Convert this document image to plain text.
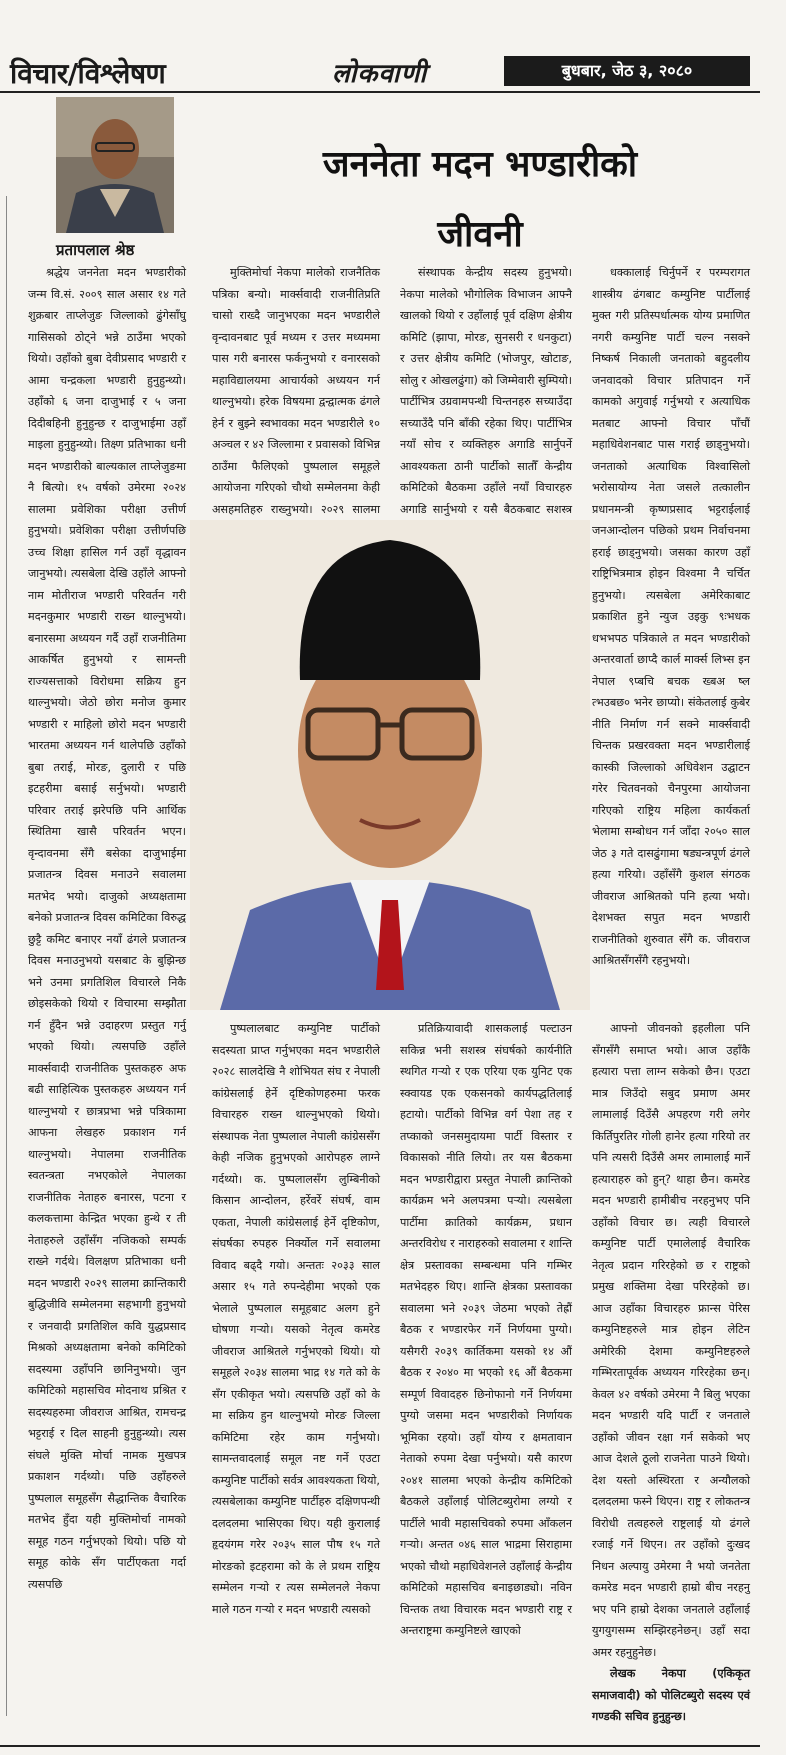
विचार/विश्लेषण	लोकवाणी	बुधबार, जेठ ३, २०८०
प्रतापलाल श्रेष्ठ
जननेता मदन भण्डारीको
जीवनी

श्रद्धेय जननेता मदन भण्डारीको जन्म वि.सं. २००९ साल असार १४ गते शुक्रबार ताप्लेजुङ जिल्लाको ढुंगेसाँघु गासिसको ठोट्ने भन्ने ठाउँमा भएको थियो। उहाँको बुबा देवीप्रसाद भण्डारी र आमा चन्द्रकला भण्डारी हुनुहुन्थ्यो। उहाँको ६ जना दाजुभाई र ५ जना दिदीबहिनी हुनुहुन्छ र दाजुभाईमा उहाँ माइला हुनुहुन्थ्यो। तिक्ष्ण प्रतिभाका धनी मदन भण्डारीको बाल्यकाल ताप्लेजुङमा नै बित्यो। १५ वर्षको उमेरमा २०२४ सालमा प्रवेशिका परीक्षा उत्तीर्ण हुनुभयो। प्रवेशिका परीक्षा उत्तीर्णपछि उच्च शिक्षा हासिल गर्न उहाँ वृद्धावन जानुभयो। त्यसबेला देखि उहाँले आफ्नो नाम मोतीराज भण्डारी परिवर्तन गरी मदनकुमार भण्डारी राख्न थाल्नुभयो। बनारसमा अध्ययन गर्दै उहाँ राजनीतिमा आकर्षित हुनुभयो र सामन्ती राज्यसत्ताको विरोधमा सक्रिय हुन थाल्नुभयो। जेठो छोरा मनोज कुमार भण्डारी र माहिलो छोरो मदन भण्डारी भारतमा अध्ययन गर्न थालेपछि उहाँको बुबा तराई, मोरङ, दुलारी र पछि इटहरीमा बसाई सर्नुभयो। भण्डारी परिवार तराई झरेपछि पनि आर्थिक स्थितिमा खासै परिवर्तन भएन। वृन्दावनमा सँगै बसेका दाजुभाईमा प्रजातन्त्र दिवस मनाउने सवालमा मतभेद भयो। दाजुको अध्यक्षतामा बनेको प्रजातन्त्र दिवस कमिटिका विरुद्ध छुट्टै कमिट बनाएर नयाँ ढंगले प्रजातन्त्र दिवस मनाउनुभयो यसबाट के बुझिन्छ भने उनमा प्रगतिशिल विचारले निकै छोइसकेको थियो र विचारमा सम्झौता गर्न हुँदैन भन्ने उदाहरण प्रस्तुत गर्नु भएको थियो। त्यसपछि उहाँले मार्क्सवादी राजनीतिक पुस्तकहरु अफ बढी साहित्यिक पुस्तकहरु अध्ययन गर्न थाल्नुभयो र छात्रप्रभा भन्ने पत्रिकामा आफना लेखहरु प्रकाशन गर्न थाल्नुभयो। नेपालमा राजनीतिक स्वतन्त्रता नभएकोले नेपालका राजनीतिक नेताहरु बनारस, पटना र कलकत्तामा केन्द्रित भएका हुन्थे र ती नेताहरुले उहाँसँग नजिकको सम्पर्क राख्ने गर्दथे। विलक्षण प्रतिभाका धनी मदन भण्डारी २०२९ सालमा क्रान्तिकारी बुद्धिजीवि सम्मेलनमा सहभागी हुनुभयो र जनवादी प्रगतिशिल कवि युद्धप्रसाद मिश्रको अध्यक्षतामा बनेको कमिटिको सदस्यमा उहाँपनि छानिनुभयो। जुन कमिटिको महासचिव मोदनाथ प्रश्रित र सदस्यहरुमा जीवराज आश्रित, रामचन्द्र भट्टराई र दिल साहनी हुनुहुन्थ्यो। त्यस संघले मुक्ति मोर्चा नामक मुखपत्र प्रकाशन गर्दथ्यो। पछि उहाँहरुले पुष्पलाल समूहसँग सैद्धान्तिक वैचारिक मतभेद हुँदा यही मुक्तिमोर्चा नामको समूह गठन गर्नुभएको थियो। पछि यो समूह कोके सँग पार्टीएकता गर्दा त्यसपछि

मुक्तिमोर्चा नेकपा मालेको राजनैतिक पत्रिका बन्यो। मार्क्सवादी राजनीतिप्रति चासो राख्दै जानुभएका मदन भण्डारीले वृन्दावनबाट पूर्व मध्यम र उत्तर मध्यममा पास गरी बनारस फर्कनुभयो र वनारसको महाविद्यालयमा आचार्यको अध्ययन गर्न थाल्नुभयो। हरेक विषयमा द्वन्द्वात्मक ढंगले हेर्न र बुझ्ने स्वभावका मदन भण्डारीले १० अञ्चल र ४२ जिल्लामा र प्रवासको विभिन्न ठाउँमा फैलिएको पुष्पलाल समूहले आयोजना गरिएको चौथो सम्मेलनमा केही असहमतिहरु राख्नुभयो। २०२९ सालमा

संस्थापक केन्द्रीय सदस्य हुनुभयो। नेकपा मालेको भौगोलिक विभाजन आफ्नै खालको थियो र उहाँलाई पूर्व दक्षिण क्षेत्रीय कमिटि (झापा, मोरङ, सुनसरी र धनकुटा) र उत्तर क्षेत्रीय कमिटि (भोजपुर, खोटाङ, सोलु र ओखलढुंगा) को जिम्मेवारी सुम्पियो। पार्टीभित्र उग्रवामपन्थी चिन्तनहरु सच्याउँदा सच्याउँदै पनि बाँकी रहेका थिए। पार्टीभित्र नयाँ सोच र व्यक्तिहरु अगाडि सार्नुपर्ने आवश्यकता ठानी पार्टीको सातौँ केन्द्रीय कमिटिको बैठकमा उहाँले नयाँ विचारहरु अगाडि सार्नुभयो र यसै बैठकबाट सशस्त्र

धक्कालाई चिर्नुपर्ने र परम्परागत शास्त्रीय ढंगबाट कम्युनिष्ट पार्टीलाई मुक्त गरी प्रतिस्पर्धात्मक योग्य प्रमाणित नगरी कम्युनिष्ट पार्टी चल्न नसक्ने निष्कर्ष निकाली जनताको बहुदलीय जनवादको विचार प्रतिपादन गर्ने कामको अगुवाई गर्नुभयो र अत्याधिक मतबाट आफ्नो विचार पाँचौं महाधिवेशनबाट पास गराई छाड्नुभयो। जनताको अत्याधिक विश्वासिलो भरोसायोग्य नेता जसले तत्कालीन प्रधानमन्त्री कृष्णप्रसाद भट्टराईलाई जनआन्दोलन पछिको प्रथम निर्वाचनमा हराई छाड्नुभयो। जसका कारण उहाँ राष्ट्रिभित्रमात्र होइन विश्वमा नै चर्चित हुनुभयो। त्यसबेला अमेरिकाबाट प्रकाशित हुने न्युज उइकु ९ःभधक धभभपठ पत्रिकाले त मदन भण्डारीको अन्तरवार्ता छाप्दै कार्ल मार्क्स लिभ्स इन नेपाल ९प्बचि बचक ख्बअ ष्ल त्भउबछ० भनेर छाप्यो। संकेतलाई कुबेर नीति निर्माण गर्न सक्ने मार्क्सवादी चिन्तक प्रखरवक्ता मदन भण्डारीलाई कास्की जिल्लाको अधिवेशन उद्घाटन गरेर चितवनको चैनपुरमा आयोजना गरिएको राष्ट्रिय महिला कार्यकर्ता भेलामा सम्बोधन गर्न जाँदा २०५० साल जेठ ३ गते दासढुंगामा षड्यन्त्रपूर्ण ढंगले हत्या गरियो। उहाँसँगै कुशल संगठक जीवराज आश्रितको पनि हत्या भयो। देशभक्त सपुत मदन भण्डारी राजनीतिको शुरुवात सँगै क. जीवराज आश्रितसँगसँगै रहनुभयो।

पुष्पलालबाट कम्युनिष्ट पार्टीको सदस्यता प्राप्त गर्नुभएका मदन भण्डारीले २०२८ सालदेखि नै शोभियत संघ र नेपाली कांग्रेसलाई हेर्ने दृष्टिकोणहरुमा फरक विचारहरु राख्न थाल्नुभएको थियो। संस्थापक नेता पुष्पलाल नेपाली कांग्रेससँग केही नजिक हुनुभएको आरोपहरु लाग्ने गर्दथ्यो। क. पुष्पलालसँग लुम्बिनीको किसान आन्दोलन, हर्रेवर्रे संघर्ष, वाम एकता, नेपाली कांग्रेसलाई हेर्ने दृष्टिकोण, संघर्षका रुपहरु निर्क्योल गर्ने सवालमा विवाद बढ्दै गयो। अन्ततः २०३३ साल असार १५ गते रुपन्देहीमा भएको एक भेलाले पुष्पलाल समूहबाट अलग हुने घोषणा गऱ्यो। यसको नेतृत्व कमरेड जीवराज आश्रितले गर्नुभएको थियो। यो समूहले २०३४ सालमा भाद्र १४ गते को के सँग एकीकृत भयो। त्यसपछि उहाँ को के मा सक्रिय हुन थाल्नुभयो मोरङ जिल्ला कमिटिमा रहेर काम गर्नुभयो। सामन्तवादलाई समूल नष्ट गर्ने एउटा कम्युनिष्ट पार्टीको सर्वत्र आवश्यकता थियो, त्यसबेलाका कम्युनिष्ट पार्टीहरु दक्षिणपन्थी दलदलमा भासिएका थिए। यही कुरालाई हृदयंगम गरेर २०३५ साल पौष १५ गते मोरङको इटहरामा को के ले प्रथम राष्ट्रिय सम्मेलन गऱ्यो र त्यस सम्मेलनले नेकपा माले गठन गऱ्यो र मदन भण्डारी त्यसको

प्रतिक्रियावादी शासकलाई पल्टाउन सकिन्न भनी सशस्त्र संघर्षको कार्यनीति स्थगित गऱ्यो र एक एरिया एक युनिट एक स्क्वायड एक एकसनको कार्यपद्धतिलाई हटायो। पार्टीको विभिन्न वर्ग पेशा तह र तप्काको जनसमुदायमा पार्टी विस्तार र विकासको नीति लियो। तर यस बैठकमा मदन भण्डारीद्वारा प्रस्तुत नेपाली क्रान्तिको कार्यक्रम भने अलपत्रमा पऱ्यो। त्यसबेला पार्टीमा क्रातिको कार्यक्रम, प्रधान अन्तरविरोध र नाराहरुको सवालमा र शान्ति क्षेत्र प्रस्तावका सम्बन्धमा पनि गम्भिर मतभेदहरु थिए। शान्ति क्षेत्रका प्रस्तावका सवालमा भने २०३९ जेठमा भएको तेह्रौं बैठक र भण्डारफेर गर्ने निर्णयमा पुग्यो। यसैगरी २०३९ कार्तिकमा यसको १४ औं बैठक र २०४० मा भएको १६ औं बैठकमा सम्पूर्ण विवादहरु छिनोफानो गर्ने निर्णयमा पुग्यो जसमा मदन भण्डारीको निर्णायक भूमिका रहयो। उहाँ योग्य र क्षमतावान नेताको रुपमा देखा पर्नुभयो। यसै कारण २०४१ सालमा भएको केन्द्रीय कमिटिको बैठकले उहाँलाई पोलिटब्युरोमा लग्यो र पार्टीले भावी महासचिवको रुपमा आँकलन गऱ्यो। अन्तत ०४६ साल भाद्रमा सिराहामा भएको चौथो महाधिवेशनले उहाँलाई केन्द्रीय कमिटिको महासचिव बनाइछाड्यो। नविन चिन्तक तथा विचारक मदन भण्डारी राष्ट्र र अन्तराष्ट्रमा कम्युनिष्टले खाएको

आफ्नो जीवनको इहलीला पनि सँगसँगै समाप्त भयो। आज उहाँकै हत्यारा पत्ता लाग्न सकेको छैन। एउटा मात्र जिउँदो सबुद प्रमाण अमर लामालाई दिउँसै अपहरण गरी लगेर किर्तिपुरतिर गोली हानेर हत्या गरियो तर पनि त्यसरी दिउँसै अमर लामालाई मार्ने हत्याराहरु को हुन्? थाहा छैन। कमरेड मदन भण्डारी हामीबीच नरहनुभए पनि उहाँको विचार छ। त्यही विचारले कम्युनिष्ट पार्टी एमालेलाई वैचारिक नेतृत्व प्रदान गरिरहेको छ र राष्ट्रको प्रमुख शक्तिमा देखा परिरहेको छ। आज उहाँका विचारहरु फ्रान्स पेरिस कम्युनिष्टहरुले मात्र होइन लेटिन अमेरिकी देशमा कम्युनिष्टहरुले गम्भिरतापूर्वक अध्ययन गरिरहेका छन्। केवल ४२ वर्षको उमेरमा नै बिलु भएका मदन भण्डारी यदि पार्टी र जनताले उहाँको जीवन रक्षा गर्न सकेको भए आज देशले ठूलो राजनेता पाउने थियो। देश यस्तो अस्थिरता र अन्यौलको दलदलमा फस्ने थिएन। राष्ट्र र लोकतन्त्र विरोधी तत्वहरुले राष्ट्रलाई यो ढंगले रजाई गर्ने थिएन। तर उहाँको दुःखद निधन अल्पायु उमेरमा नै भयो जनतेता कमरेड मदन भण्डारी हाम्रो बीच नरहनु भए पनि हाम्रो देशका जनताले उहाँलाई युगयुगसम्म सम्झिरहनेछन्। उहाँ सदा अमर रहनुहुनेछ।

लेखक नेकपा (एकिकृत समाजवादी) को पोलिटब्युरो सदस्य एवं गण्डकी सचिव हुनुहुन्छ।
